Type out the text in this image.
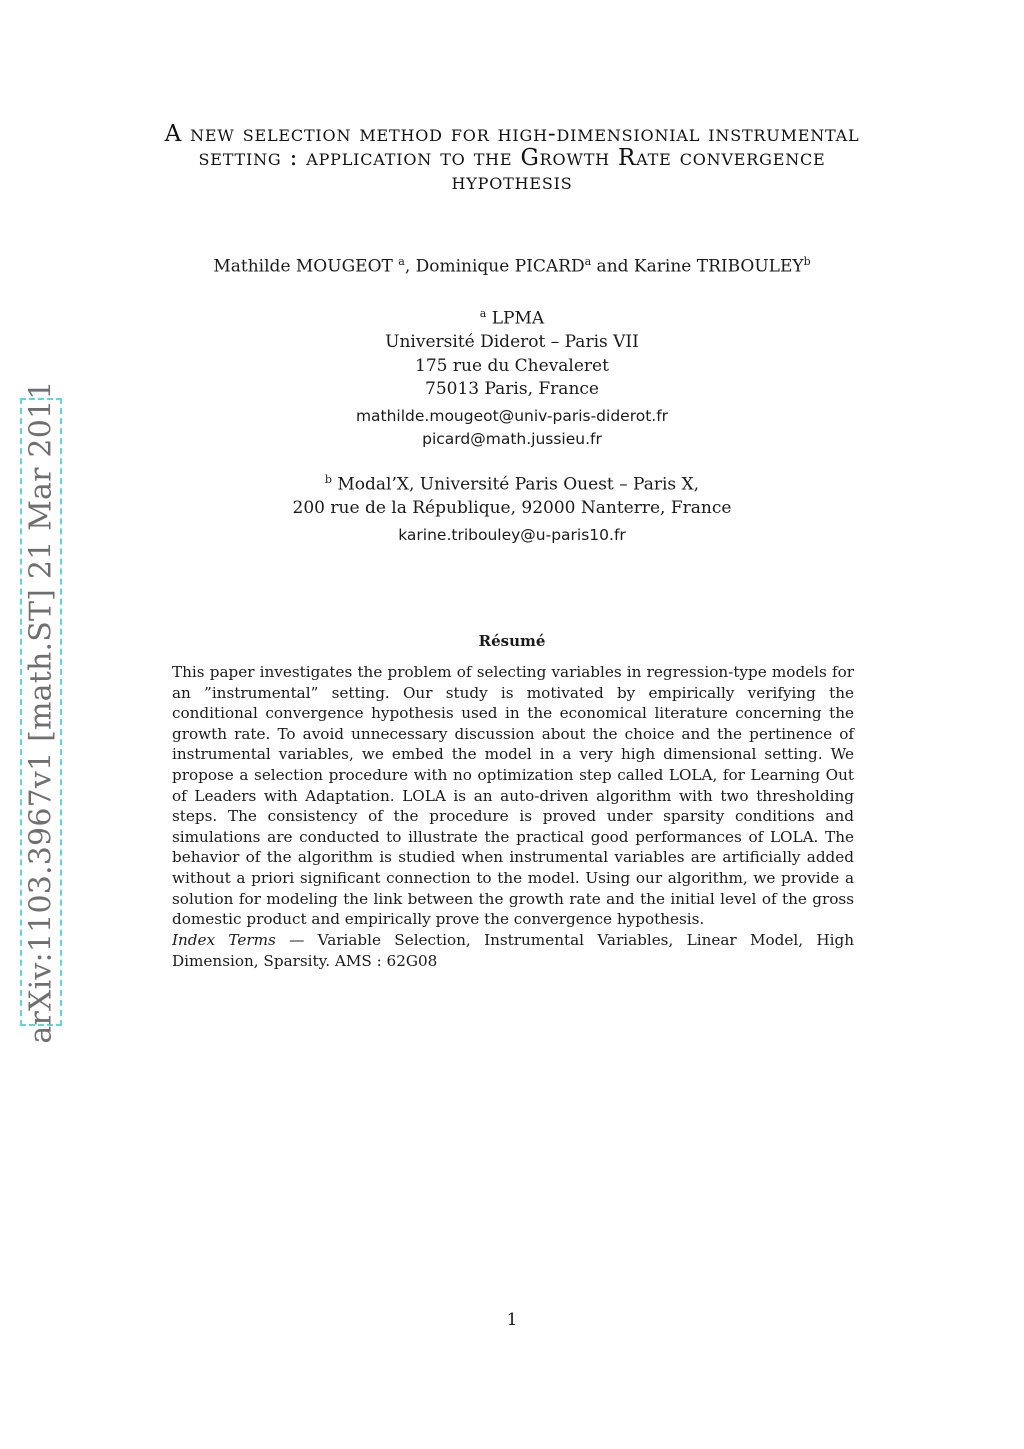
arXiv:1103.3967v1 [math.ST] 21 Mar 2011
A new selection method for high-dimensionial instrumental
setting : application to the Growth Rate convergence
hypothesis
Mathilde MOUGEOT $^a$, Dominique PICARD$^a$ and Karine TRIBOULEY$^b$
$^a$ LPMA
Université Diderot – Paris VII
175 rue du Chevaleret
75013 Paris, France
mathilde.mougeot@univ-paris-diderot.fr
picard@math.jussieu.fr
$^b$ Modal’X, Université Paris Ouest – Paris X,
200 rue de la République, 92000 Nanterre, France
karine.tribouley@u-paris10.fr
Résumé
This paper investigates the problem of selecting variables in regression-type models for an ”instrumental” setting. Our study is motivated by empirically verifying the conditional convergence hypothesis used in the economical literature concerning the growth rate. To avoid unnecessary discussion about the choice and the pertinence of instrumental variables, we embed the model in a very high dimensional setting. We propose a selection procedure with no optimization step called LOLA, for Learning Out of Leaders with Adaptation. LOLA is an auto-driven algorithm with two thresholding steps. The consistency of the procedure is proved under sparsity conditions and simulations are conducted to illustrate the practical good performances of LOLA. The behavior of the algorithm is studied when instrumental variables are artificially added without a priori significant connection to the model. Using our algorithm, we provide a solution for modeling the link between the growth rate and the initial level of the gross domestic product and empirically prove the convergence hypothesis.
Index Terms — Variable Selection, Instrumental Variables, Linear Model, High Dimension, Sparsity. AMS : 62G08
1
